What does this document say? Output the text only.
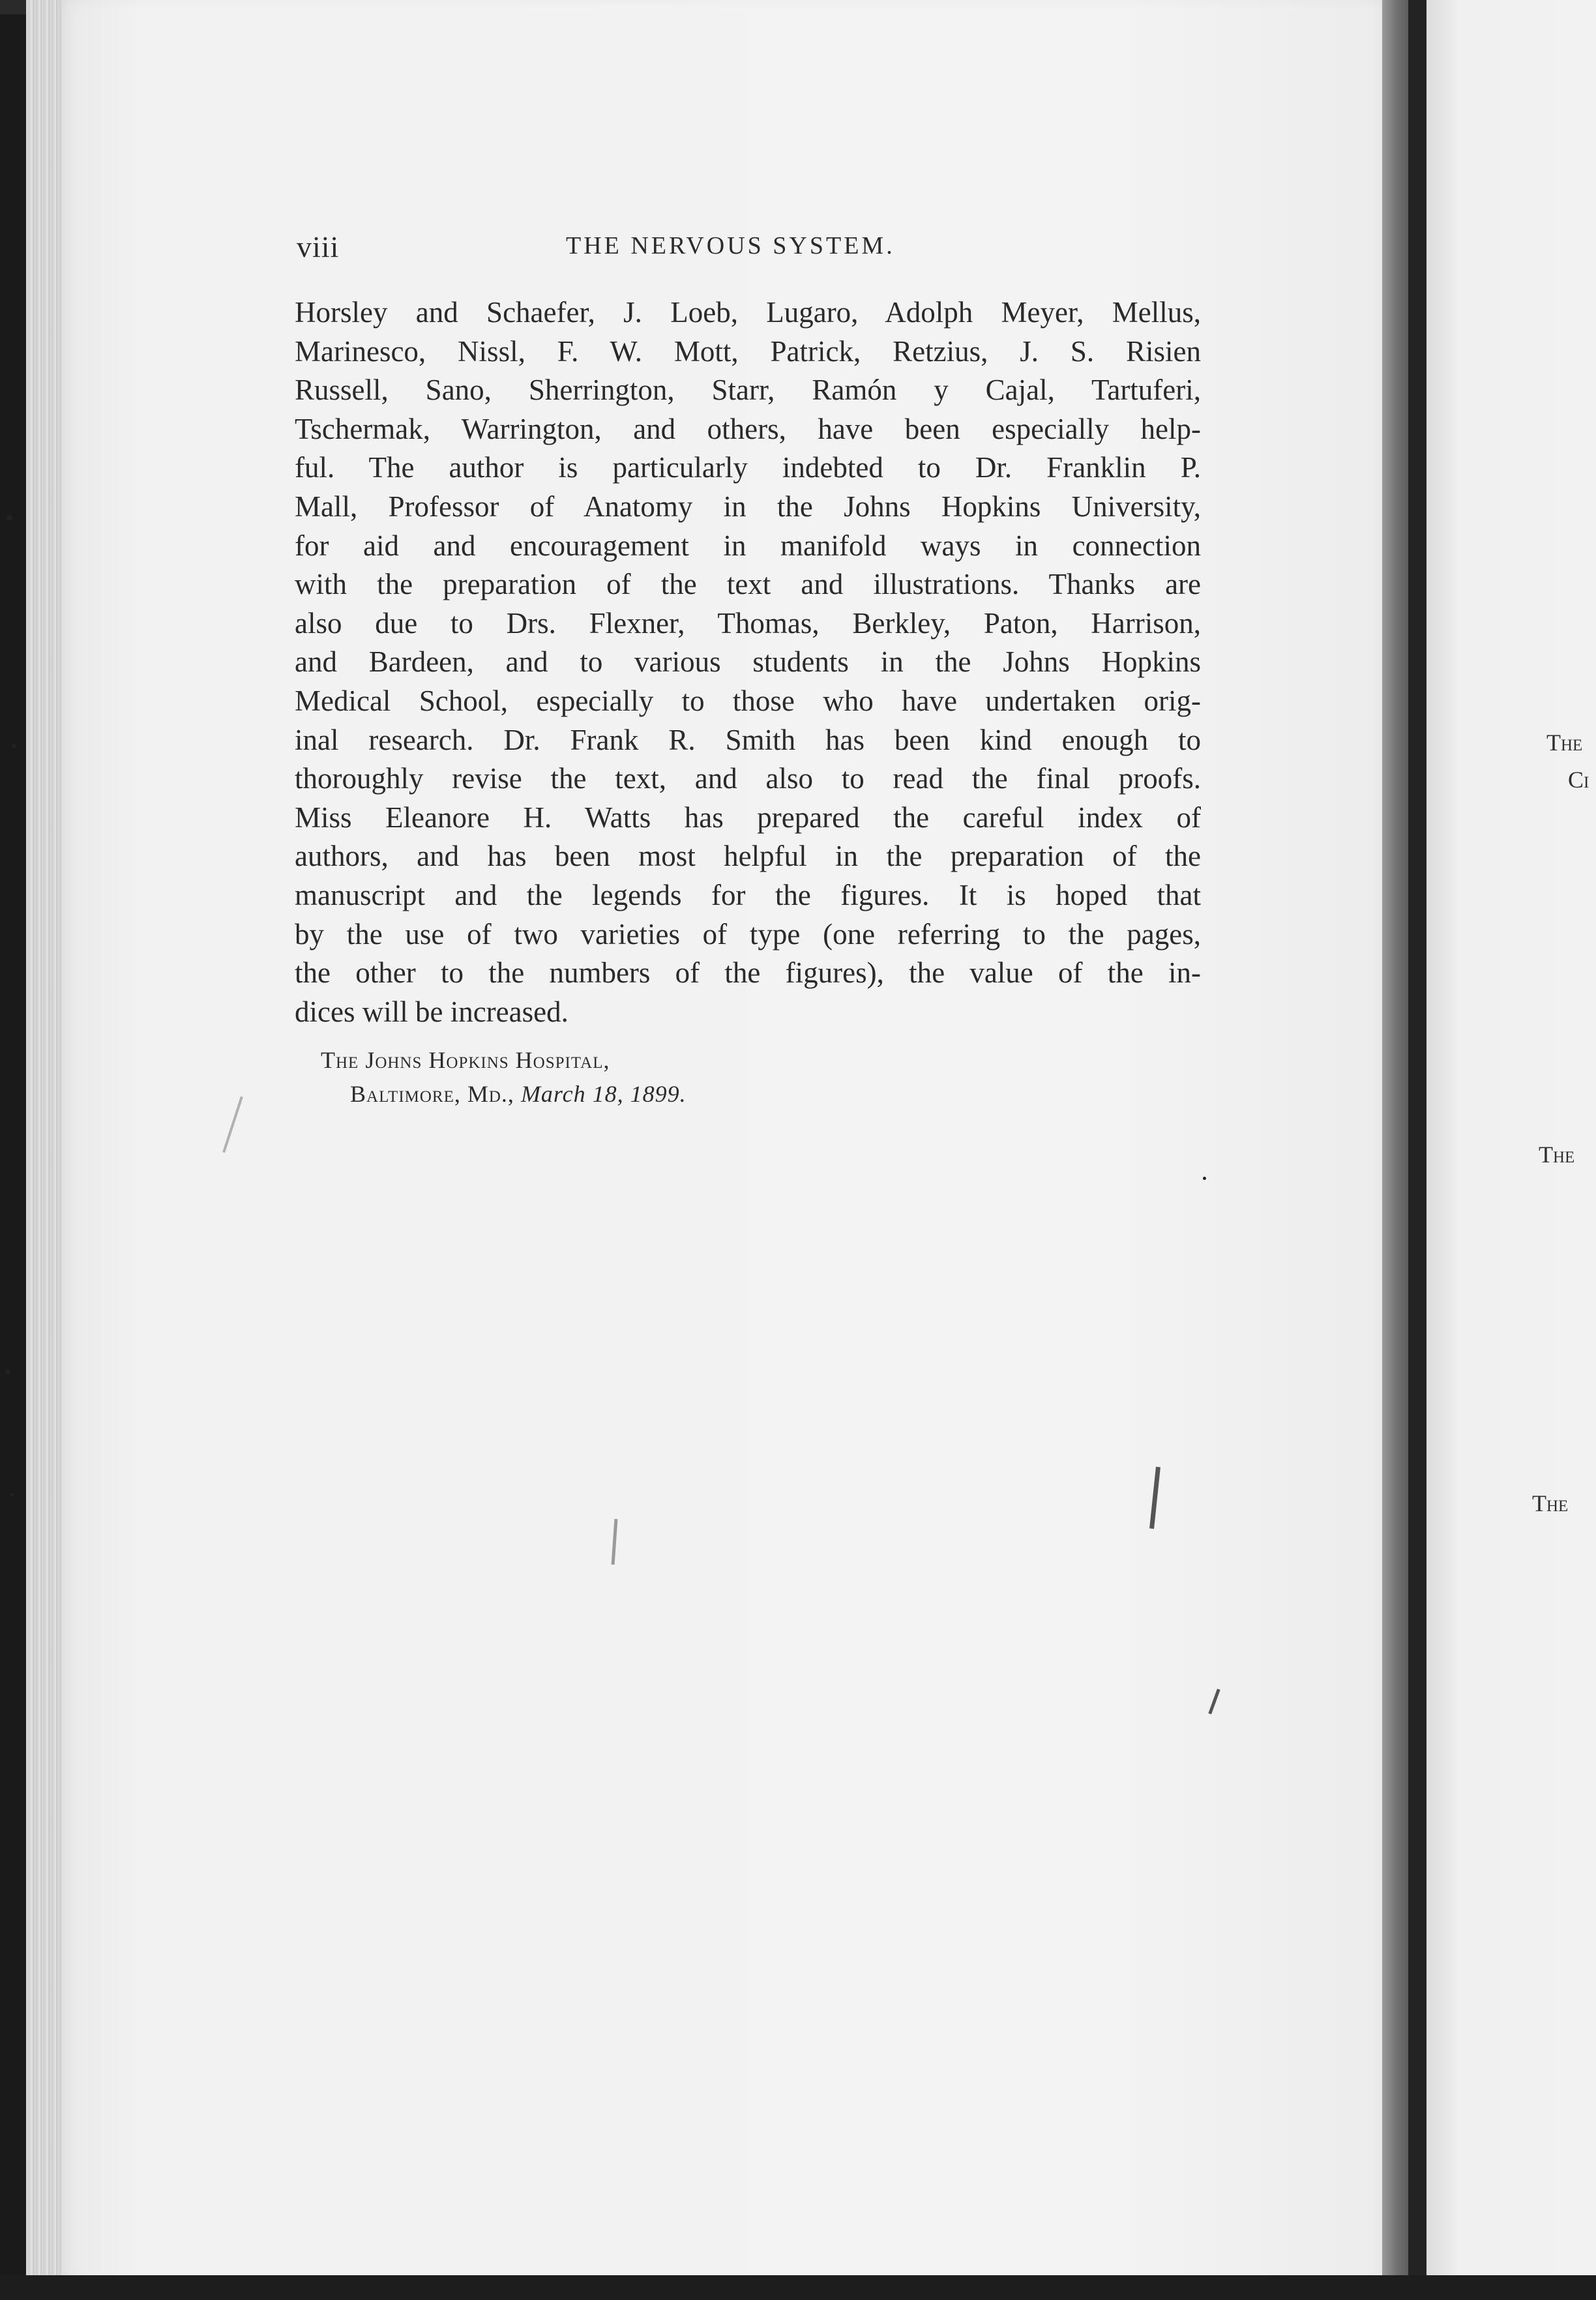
viii	THE NERVOUS SYSTEM.
Horsley and Schaefer, J. Loeb, Lugaro, Adolph Meyer, Mellus,
Marinesco, Nissl, F. W. Mott, Patrick, Retzius, J. S. Risien
Russell, Sano, Sherrington, Starr, Ramón y Cajal, Tartuferi,
Tschermak, Warrington, and others, have been especially help-
ful. The author is particularly indebted to Dr. Franklin P.
Mall, Professor of Anatomy in the Johns Hopkins University,
for aid and encouragement in manifold ways in connection
with the preparation of the text and illustrations. Thanks are
also due to Drs. Flexner, Thomas, Berkley, Paton, Harrison,
and Bardeen, and to various students in the Johns Hopkins
Medical School, especially to those who have undertaken orig-
inal research. Dr. Frank R. Smith has been kind enough to
thoroughly revise the text, and also to read the final proofs.
Miss Eleanore H. Watts has prepared the careful index of
authors, and has been most helpful in the preparation of the
manuscript and the legends for the figures. It is hoped that
by the use of two varieties of type (one referring to the pages,
the other to the numbers of the figures), the value of the in-
dices will be increased.
The Johns Hopkins Hospital,
Baltimore, Md., March 18, 1899.
The
Ci
The
The
